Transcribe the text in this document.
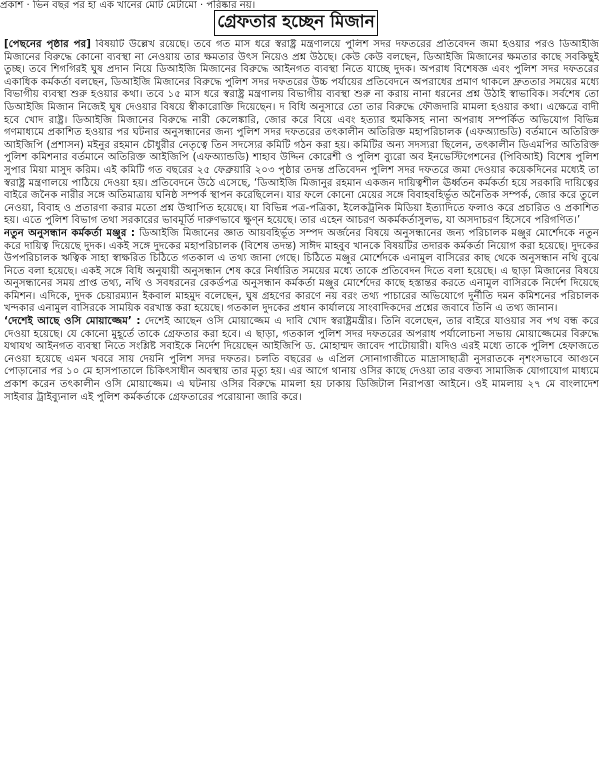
প্রকাশ · ভিন বছর পর হা এক খানের মোট মেটামো · পরিষ্কার নয়।
গ্রেফতার হচ্ছেন মিজান

[পেছনের পৃষ্ঠার পর] বিষয়টি উল্লেখ রয়েছে। তবে গত মাস ধরে স্বরাষ্ট্র মন্ত্রণালয়ে পুলিশ সদর দফতরের প্রতিবেদন জমা হওয়ার পরও ডিআইজি মিজানের বিরুদ্ধে কোনো ব্যবস্থা না নেওয়ায় তার ক্ষমতার উৎস নিয়েও প্রশ্ন উঠছে। কেউ কেউ বলছেন, ডিআইজি মিজানের ক্ষমতার কাছে সবকিছুই তুচ্ছ। তবে শিগগিরই ঘুষ প্রদান নিয়ে ডিআইজি মিজানের বিরুদ্ধে আইনগত ব্যবস্থা নিতে যাচ্ছে দুদক। অপরাধ বিশেষজ্ঞ এবং পুলিশ সদর দফতরের একাধিক কর্মকর্তা বলছেন, ডিআইজি মিজানের বিরুদ্ধে পুলিশ সদর দফতরের উচ্চ পর্যায়ের প্রতিবেদনে অপরাধের প্রমাণ থাকলে দ্রুততার সময়ের মধ্যে বিভাগীয় ব্যবস্থা শুরু হওয়ার কথা। তবে ১৫ মাস ধরে স্বরাষ্ট্র মন্ত্রণালয় বিভাগীয় ব্যবস্থা শুরু না করায় নানা ধরনের প্রশ্ন উঠাই স্বাভাবিক। সর্বশেষ তো ডিআইজি মিজান নিজেই ঘুষ দেওয়ার বিষয়ে স্বীকারোক্তি দিয়েছেন। দ বিধি অনুসারে তো তার বিরুদ্ধে ফৌজদারি মামলা হওয়ার কথা। এক্ষেত্রে বাদী হবে খোদ রাষ্ট্র। ডিআইজি মিজানের বিরুদ্ধে নারী কেলেঙ্কারি, জোর করে বিয়ে এবং হত্যার হুমকিসহ নানা অপরাধ সম্পর্কিত অভিযোগ বিভিন্ন গণমাধ্যমে প্রকাশিত হওয়ার পর ঘটনার অনুসন্ধানের জন্য পুলিশ সদর দফতরের তৎকালীন অতিরিক্ত মহাপরিচালক (এফঅ্যান্ডডি) বর্তমানে অতিরিক্ত আইজিপি (প্রশাসন) মইনুর রহমান চৌধুরীর নেতৃত্বে তিন সদস্যের কমিটি গঠন করা হয়। কমিটির অন্য সদস্যরা ছিলেন, তৎকালীন ডিএমপির অতিরিক্ত পুলিশ কমিশনার বর্তমানে অতিরিক্ত আইজিপি (এফঅ্যান্ডডি) শাহাব উদ্দিন কোরেশী ও পুলিশ ব্যুরো অব ইনভেস্টিগেশনের (পিবিআই) বিশেষ পুলিশ সুপার মিয়া মাসুদ করিম। এই কমিটি গত বছরের ২৫ ফেব্রুয়ারি ২০৩ পৃষ্ঠার তদন্ত প্রতিবেদন পুলিশ সদর দফতরে জমা দেওয়ার কয়েকদিনের মধ্যেই তা স্বরাষ্ট্র মন্ত্রণালয়ে পাঠিয়ে দেওয়া হয়। প্রতিবেদনে উঠে এসেছে, ‘ডিআইজি মিজানুর রহমান একজন দায়িত্বশীল ঊর্ধ্বতন কর্মকর্তা হয়ে সরকারি দায়িত্বের বাইরে জনৈক নারীর সঙ্গে অতিমাত্রায় ঘনিষ্ঠ সম্পর্ক স্থাপন করেছিলেন। যার ফলে কোনো মেয়ের সঙ্গে বিবাহবহির্ভূত অনৈতিক সম্পর্ক, জোর করে তুলে নেওয়া, বিবাহ ও প্রতারণা করার মতো প্রশ্ন উত্থাপিত হয়েছে। যা বিভিন্ন পত্র-পত্রিকা, ইলেকট্রনিক মিডিয়া ইত্যাদিতে ফলাও করে প্রচারিত ও প্রকাশিত হয়। এতে পুলিশ বিভাগ তথা সরকারের ভাবমূর্তি দারুণভাবে ক্ষুণ্ন হয়েছে। তার এহেন আচরণ অকর্মকর্তাসুলভ, যা অসদাচরণ হিসেবে পরিগণিত।’

নতুন অনুসন্ধান কর্মকর্তা মঞ্জুর : ডিআইজি মিজানের জ্ঞাত আয়বহির্ভূত সম্পদ অর্জনের বিষয়ে অনুসন্ধানের জন্য পরিচালক মঞ্জুর মোর্শেদকে নতুন করে দায়িত্ব দিয়েছে দুদক। একই সঙ্গে দুদকের মহাপরিচালক (বিশেষ তদন্ত) সাঈদ মাহবুব খানকে বিষয়টির তদারক কর্মকর্তা নিয়োগ করা হয়েছে। দুদকের উপপরিচালক ঋত্বিক সাহা স্বাক্ষরিত চিঠিতে গতকাল এ তথ্য জানা গেছে। চিঠিতে মঞ্জুর মোর্শেদকে এনামুল বাসিরের কাছ থেকে অনুসন্ধান নথি বুঝে নিতে বলা হয়েছে। একই সঙ্গে বিধি অনুযায়ী অনুসন্ধান শেষ করে নির্ধারিত সময়ের মধ্যে তাকে প্রতিবেদন দিতে বলা হয়েছে। এ ছাড়া মিজানের বিষয়ে অনুসন্ধানের সময় প্রাপ্ত তথ্য, নথি ও সবধরনের রেকর্ডপত্র অনুসন্ধান কর্মকর্তা মঞ্জুর মোর্শেদের কাছে হস্তান্তর করতে এনামুল বাসিরকে নির্দেশ দিয়েছে কমিশন। এদিকে, দুদক চেয়ারম্যান ইকবাল মাহমুদ বলেছেন, ঘুষ গ্রহণের কারণে নয় বরং তথ্য পাচারের অভিযোগে দুর্নীতি দমন কমিশনের পরিচালক খন্দকার এনামুল বাসিরকে সাময়িক বরখাস্ত করা হয়েছে। গতকাল দুদকের প্রধান কার্যালয়ে সাংবাদিকদের প্রশ্নের জবাবে তিনি এ তথ্য জানান।

‘দেশেই আছে ওসি মোয়াজ্জেম’ : দেশেই আছেন ওসি মোয়াজ্জেম এ দাবি খোদ স্বরাষ্ট্রমন্ত্রীর। তিনি বলেছেন, তার বাইরে যাওয়ার সব পথ বন্ধ করে দেওয়া হয়েছে। যে কোনো মুহূর্তে তাকে গ্রেফতার করা হবে। এ ছাড়া, গতকাল পুলিশ সদর দফতরের অপরাধ পর্যালোচনা সভায় মোয়াজ্জেমের বিরুদ্ধে যথাযথ আইনগত ব্যবস্থা নিতে সংশ্লিষ্ট সবাইকে নির্দেশ দিয়েছেন আইজিপি ড. মোহাম্মদ জাবেদ পাটোয়ারী। যদিও এরই মধ্যে তাকে পুলিশ হেফাজতে নেওয়া হয়েছে এমন খবরে সায় দেয়নি পুলিশ সদর দফতর। চলতি বছরের ৬ এপ্রিল সোনাগাজীতে মাদ্রাসাছাত্রী নুসরাতকে নৃশংসভাবে আগুনে পোড়ানোর পর ১০ মে হাসপাতালে চিকিৎসাধীন অবস্থায় তার মৃত্যু হয়। এর আগে থানায় ওসির কাছে দেওয়া তার বক্তব্য সামাজিক যোগাযোগ মাধ্যমে প্রকাশ করেন তৎকালীন ওসি মোয়াজ্জেম। এ ঘটনায় ওসির বিরুদ্ধে মামলা হয় ঢাকায় ডিজিটাল নিরাপত্তা আইনে। ওই মামলায় ২৭ মে বাংলাদেশ সাইবার ট্রাইব্যুনাল এই পুলিশ কর্মকর্তাকে গ্রেফতারের পরোয়ানা জারি করে।
